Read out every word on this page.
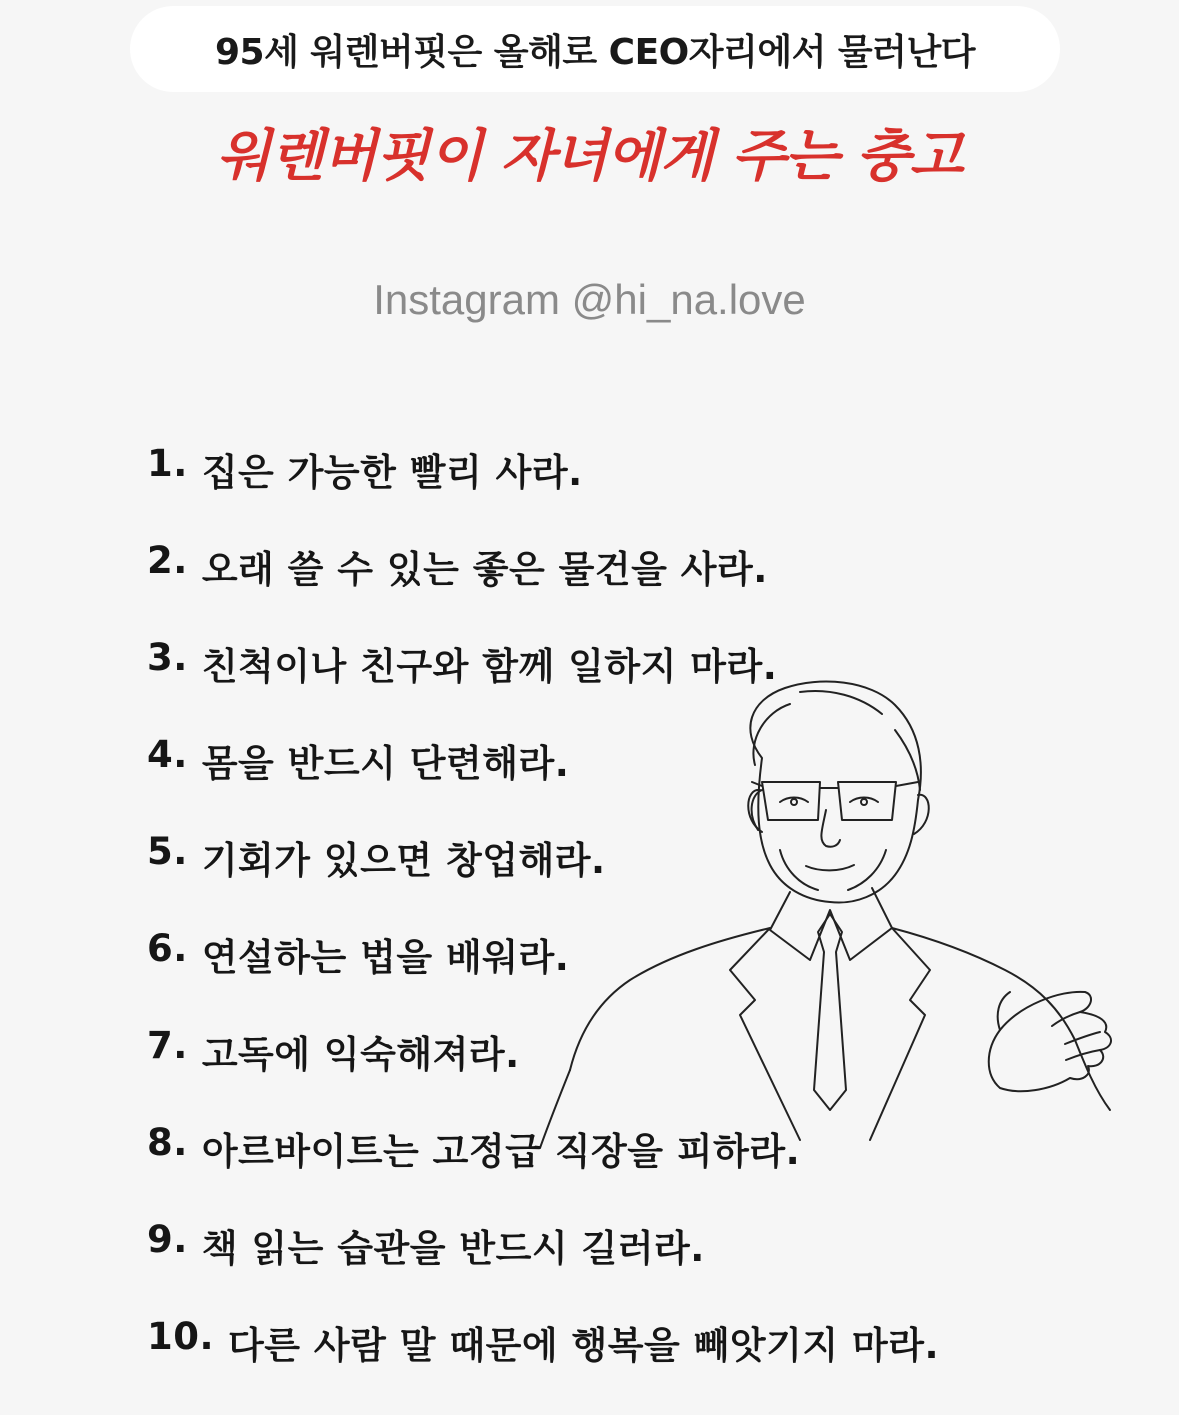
95세 워렌버핏은 올해로 CEO자리에서 물러난다
워렌버핏이 자녀에게 주는 충고
Instagram @hi_na.love
1. 집은 가능한 빨리 사라.
2. 오래 쓸 수 있는 좋은 물건을 사라.
3. 친척이나 친구와 함께 일하지 마라.
4. 몸을 반드시 단련해라.
5. 기회가 있으면 창업해라.
6. 연설하는 법을 배워라.
7. 고독에 익숙해져라.
8. 아르바이트는 고정급 직장을 피하라.
9. 책 읽는 습관을 반드시 길러라.
10. 다른 사람 말 때문에 행복을 빼앗기지 마라.
